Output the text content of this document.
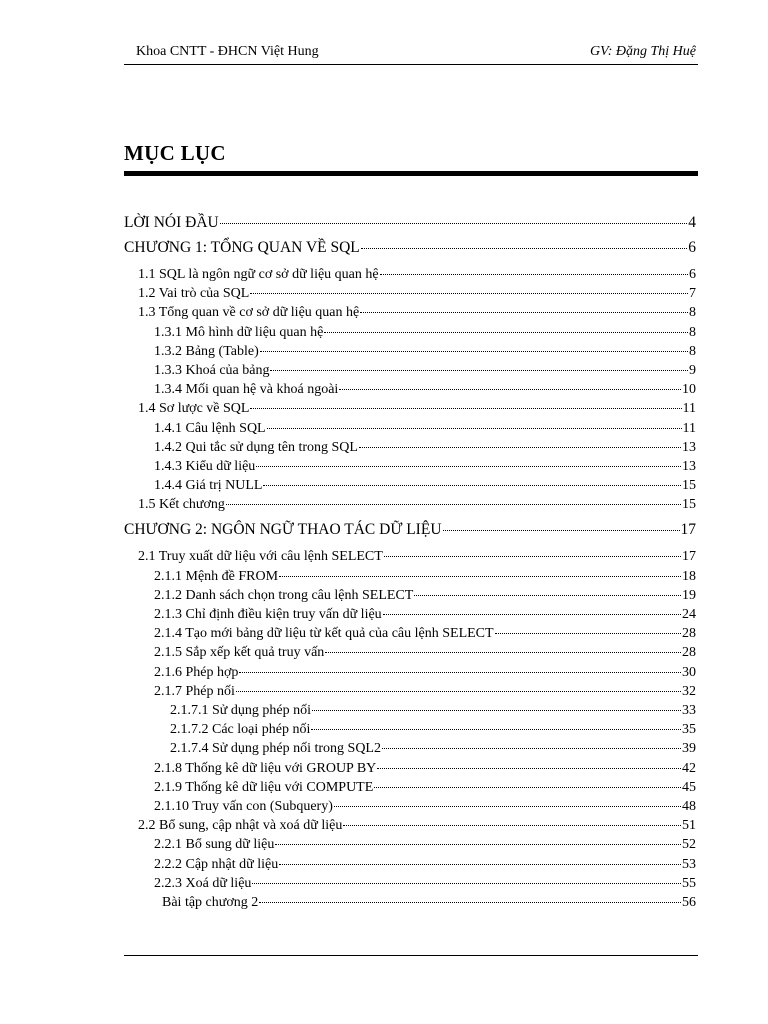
Khoa CNTT - ĐHCN Việt Hung	GV: Đặng Thị Huệ
MỤC LỤC
LỜI NÓI ĐẦU	4
CHƯƠNG 1: TỔNG QUAN VỀ SQL	6
1.1 SQL là ngôn ngữ cơ sở dữ liệu quan hệ	6
1.2 Vai trò của SQL	7
1.3 Tổng quan về cơ sở dữ liệu quan hệ	8
1.3.1 Mô hình dữ liệu quan hệ	8
1.3.2 Bảng (Table)	8
1.3.3 Khoá của bảng	9
1.3.4 Mối quan hệ và khoá ngoài	10
1.4 Sơ lược về SQL	11
1.4.1 Câu lệnh SQL	11
1.4.2 Qui tắc sử dụng tên trong SQL	13
1.4.3 Kiểu dữ liệu	13
1.4.4 Giá trị NULL	15
1.5 Kết chương	15
CHƯƠNG 2: NGÔN NGỮ THAO TÁC DỮ LIỆU	17
2.1 Truy xuất dữ liệu với câu lệnh SELECT	17
2.1.1 Mệnh đề FROM	18
2.1.2 Danh sách chọn trong câu lệnh SELECT	19
2.1.3 Chỉ định điều kiện truy vấn dữ liệu	24
2.1.4 Tạo mới bảng dữ liệu từ kết quả của câu lệnh SELECT	28
2.1.5 Sắp xếp kết quả truy vấn	28
2.1.6 Phép hợp	30
2.1.7 Phép nối	32
2.1.7.1 Sử dụng phép nối	33
2.1.7.2 Các loại phép nối	35
2.1.7.4 Sử dụng phép nối trong SQL2	39
2.1.8 Thống kê dữ liệu với GROUP BY	42
2.1.9 Thống kê dữ liệu với COMPUTE	45
2.1.10 Truy vấn con (Subquery)	48
2.2 Bổ sung, cập nhật và xoá dữ liệu	51
2.2.1 Bổ sung dữ liệu	52
2.2.2 Cập nhật dữ liệu	53
2.2.3 Xoá dữ liệu	55
Bài tập chương 2	56
